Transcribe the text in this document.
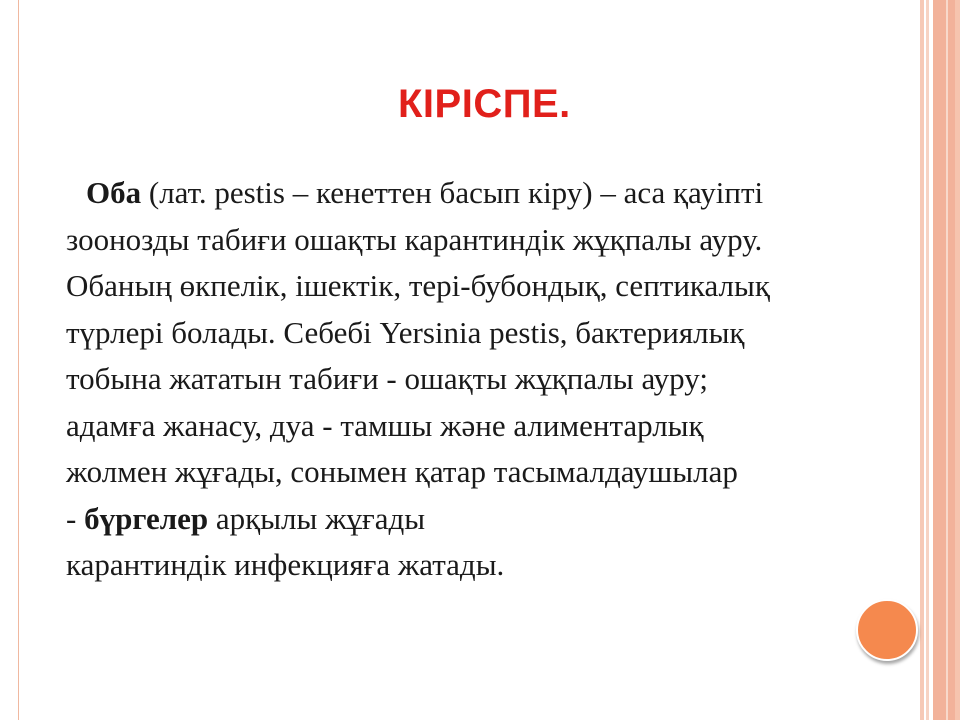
КІРІСПЕ.
Оба (лат. pestis – кенеттен басып кіру) – аса қауіпті
зоонозды табиғи ошақты карантиндік жұқпалы ауру.
Обаның өкпелік, ішектік, тері-бубондық, септикалық
түрлері болады. Себебі Yersinia pestis, бактериялық
тобына жататын табиғи - ошақты жұқпалы ауру;
адамға жанасу, дуа - тамшы және алиментарлық
жолмен жұғады, сонымен қатар тасымалдаушылар
- бүргелер арқылы жұғады
карантиндік инфекцияға жатады.
